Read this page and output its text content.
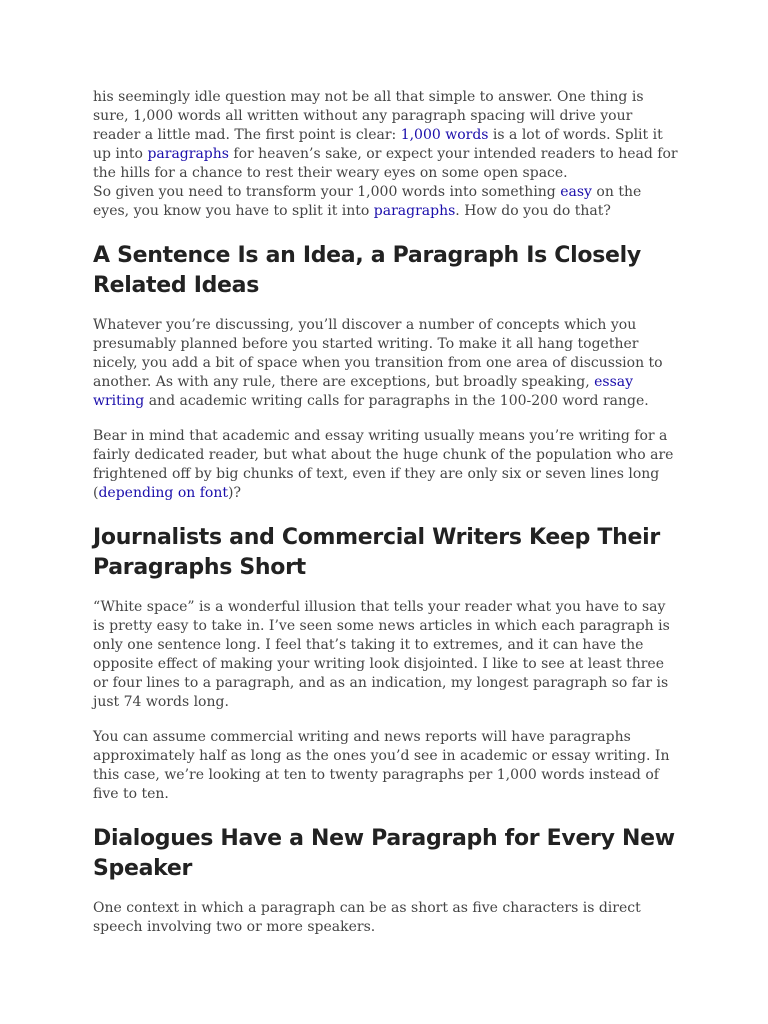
his seemingly idle question may not be all that simple to answer. One thing is sure, 1,000 words all written without any paragraph spacing will drive your reader a little mad. The first point is clear: 1,000 words is a lot of words. Split it up into paragraphs for heaven’s sake, or expect your intended readers to head for the hills for a chance to rest their weary eyes on some open space.

So given you need to transform your 1,000 words into something easy on the eyes, you know you have to split it into paragraphs. How do you do that?

A Sentence Is an Idea, a Paragraph Is Closely Related Ideas

Whatever you’re discussing, you’ll discover a number of concepts which you presumably planned before you started writing. To make it all hang together nicely, you add a bit of space when you transition from one area of discussion to another. As with any rule, there are exceptions, but broadly speaking, essay writing and academic writing calls for paragraphs in the 100-200 word range.

Bear in mind that academic and essay writing usually means you’re writing for a fairly dedicated reader, but what about the huge chunk of the population who are frightened off by big chunks of text, even if they are only six or seven lines long (depending on font)?

Journalists and Commercial Writers Keep Their Paragraphs Short

“White space” is a wonderful illusion that tells your reader what you have to say is pretty easy to take in. I’ve seen some news articles in which each paragraph is only one sentence long. I feel that’s taking it to extremes, and it can have the opposite effect of making your writing look disjointed. I like to see at least three or four lines to a paragraph, and as an indication, my longest paragraph so far is just 74 words long.

You can assume commercial writing and news reports will have paragraphs approximately half as long as the ones you’d see in academic or essay writing. In this case, we’re looking at ten to twenty paragraphs per 1,000 words instead of five to ten.

Dialogues Have a New Paragraph for Every New Speaker

One context in which a paragraph can be as short as five characters is direct speech involving two or more speakers.
